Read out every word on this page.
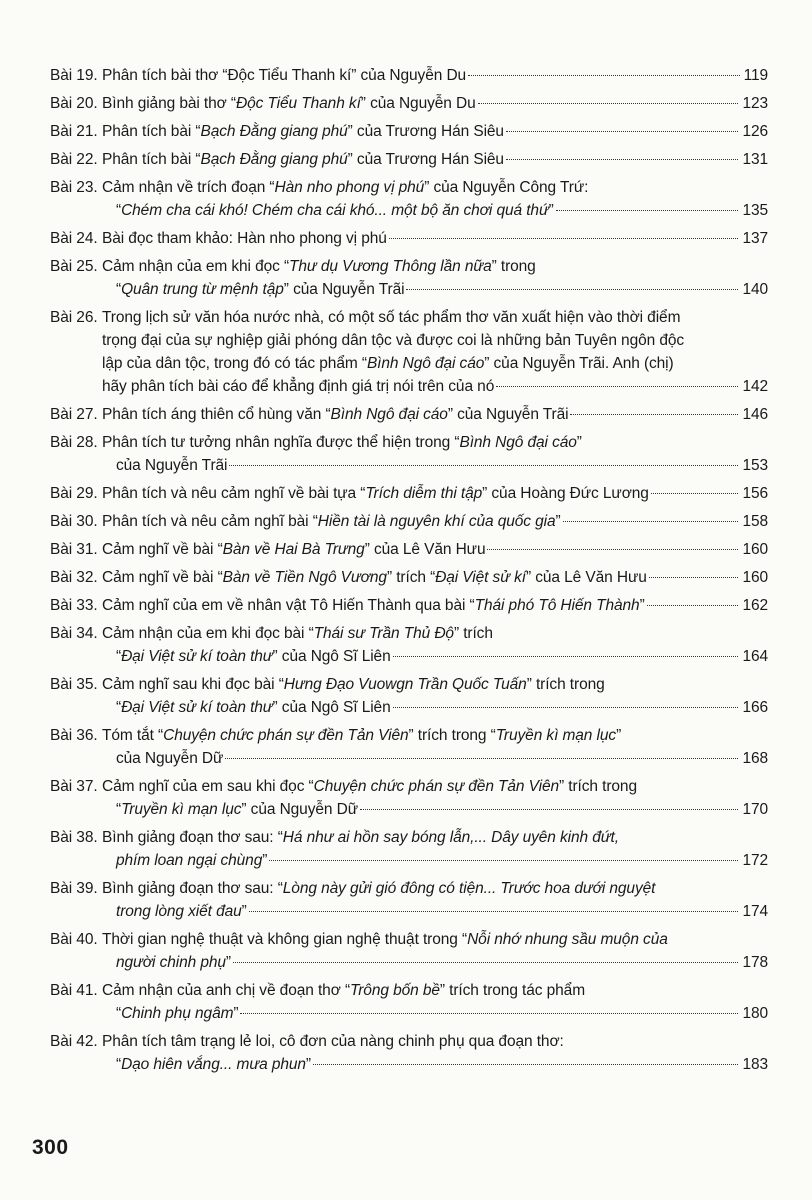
Bài 19. Phân tích bài thơ “Độc Tiểu Thanh kí” của Nguyễn Du	119
Bài 20. Bình giảng bài thơ “ Độc Tiểu Thanh kí ” của Nguyễn Du	123
Bài 21. Phân tích bài “ Bạch Đằng giang phú ” của Trương Hán Siêu	126
Bài 22. Phân tích bài “ Bạch Đằng giang phú ” của Trương Hán Siêu	131
Bài 23. Cảm nhận về trích đoạn “ Hàn nho phong vị phú ” của Nguyễn Công Trứ:
“ Chém cha cái khó! Chém cha cái khó... một bộ ăn chơi quá thứ ”	135
Bài 24. Bài đọc tham khảo: Hàn nho phong vị phú	137
Bài 25. Cảm nhận của em khi đọc “ Thư dụ Vương Thông lần nữa ” trong
“ Quân trung từ mệnh tập ” của Nguyễn Trãi	140
Bài 26. Trong lịch sử văn hóa nước nhà, có một số tác phẩm thơ văn xuất hiện vào thời điểm
trọng đại của sự nghiệp giải phóng dân tộc và được coi là những bản Tuyên ngôn độc
lập của dân tộc, trong đó có tác phẩm “ Bình Ngô đại cáo ” của Nguyễn Trãi. Anh (chị)
hãy phân tích bài cáo để khẳng định giá trị nói trên của nó	142
Bài 27. Phân tích áng thiên cổ hùng văn “ Bình Ngô đại cáo ” của Nguyễn Trãi	146
Bài 28. Phân tích tư tưởng nhân nghĩa được thể hiện trong “ Bình Ngô đại cáo ”
của Nguyễn Trãi	153
Bài 29. Phân tích và nêu cảm nghĩ về bài tựa “ Trích diễm thi tập ” của Hoàng Đức Lương	156
Bài 30. Phân tích và nêu cảm nghĩ bài “ Hiền tài là nguyên khí của quốc gia ”	158
Bài 31. Cảm nghĩ về bài “ Bàn về Hai Bà Trưng ” của Lê Văn Hưu	160
Bài 32. Cảm nghĩ về bài “ Bàn về Tiền Ngô Vương ” trích “ Đại Việt sử kí ” của Lê Văn Hưu	160
Bài 33. Cảm nghĩ của em về nhân vật Tô Hiến Thành qua bài “ Thái phó Tô Hiến Thành ”	162
Bài 34. Cảm nhận của em khi đọc bài “ Thái sư Trần Thủ Độ ” trích
“ Đại Việt sử kí toàn thư ” của Ngô Sĩ Liên	164
Bài 35. Cảm nghĩ sau khi đọc bài “ Hưng Đạo Vuowgn Trần Quốc Tuấn ” trích trong
“ Đại Việt sử kí toàn thư ” của Ngô Sĩ Liên	166
Bài 36. Tóm tắt “ Chuyện chức phán sự đền Tản Viên ” trích trong “ Truyền kì mạn lục ”
của Nguyễn Dữ	168
Bài 37. Cảm nghĩ của em sau khi đọc “ Chuyện chức phán sự đền Tản Viên ” trích trong
“ Truyền kì mạn lục ” của Nguyễn Dữ	170
Bài 38. Bình giảng đoạn thơ sau: “ Há như ai hồn say bóng lẫn,... Dây uyên kinh đứt,
phím loan ngại chùng ”	172
Bài 39. Bình giảng đoạn thơ sau: “ Lòng này gửi gió đông có tiện... Trước hoa dưới nguyệt
trong lòng xiết đau ”	174
Bài 40. Thời gian nghệ thuật và không gian nghệ thuật trong “ Nỗi nhớ nhung sầu muộn của
người chinh phụ ”	178
Bài 41. Cảm nhận của anh chị về đoạn thơ “ Trông bốn bề ” trích trong tác phẩm
“ Chinh phụ ngâm ”	180
Bài 42. Phân tích tâm trạng lẻ loi, cô đơn của nàng chinh phụ qua đoạn thơ:
“ Dạo hiên vắng... mưa phun ”	183
300
